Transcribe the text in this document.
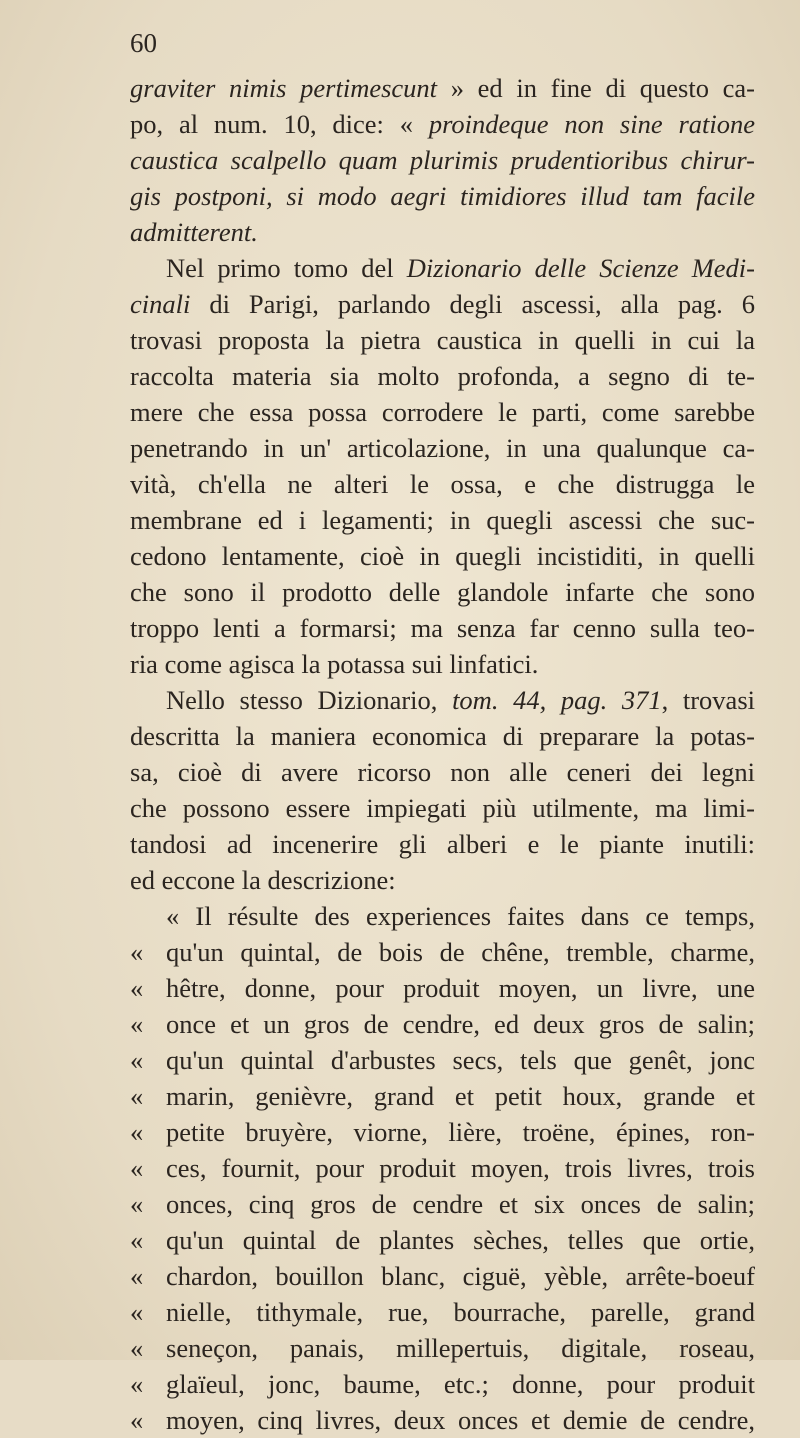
60
graviter nimis pertimescunt » ed in fine di questo ca-
po, al num. 10, dice: « proindeque non sine ratione
caustica scalpello quam plurimis prudentioribus chirur-
gis postponi, si modo aegri timidiores illud tam facile
admitterent.
Nel primo tomo del Dizionario delle Scienze Medi-
cinali di Parigi, parlando degli ascessi, alla pag. 6
trovasi proposta la pietra caustica in quelli in cui la
raccolta materia sia molto profonda, a segno di te-
mere che essa possa corrodere le parti, come sarebbe
penetrando in un' articolazione, in una qualunque ca-
vità, ch'ella ne alteri le ossa, e che distrugga le
membrane ed i legamenti; in quegli ascessi che suc-
cedono lentamente, cioè in quegli incistiditi, in quelli
che sono il prodotto delle glandole infarte che sono
troppo lenti a formarsi; ma senza far cenno sulla teo-
ria come agisca la potassa sui linfatici.
Nello stesso Dizionario, tom. 44, pag. 371, trovasi
descritta la maniera economica di preparare la potas-
sa, cioè di avere ricorso non alle ceneri dei legni
che possono essere impiegati più utilmente, ma limi-
tandosi ad incenerire gli alberi e le piante inutili:
ed eccone la descrizione:
« Il résulte des experiences faites dans ce temps,
« qu'un quintal, de bois de chêne, tremble, charme,
« hêtre, donne, pour produit moyen, un livre, une
« once et un gros de cendre, ed deux gros de salin;
« qu'un quintal d'arbustes secs, tels que genêt, jonc
« marin, genièvre, grand et petit houx, grande et
« petite bruyère, viorne, lière, troëne, épines, ron-
« ces, fournit, pour produit moyen, trois livres, trois
« onces, cinq gros de cendre et six onces de salin;
« qu'un quintal de plantes sèches, telles que ortie,
« chardon, bouillon blanc, ciguë, yèble, arrête-boeuf
« nielle, tithymale, rue, bourrache, parelle, grand
« seneçon, panais, millepertuis, digitale, roseau,
« glaïeul, jonc, baume, etc.; donne, pour produit
« moyen, cinq livres, deux onces et demie de cendre,
